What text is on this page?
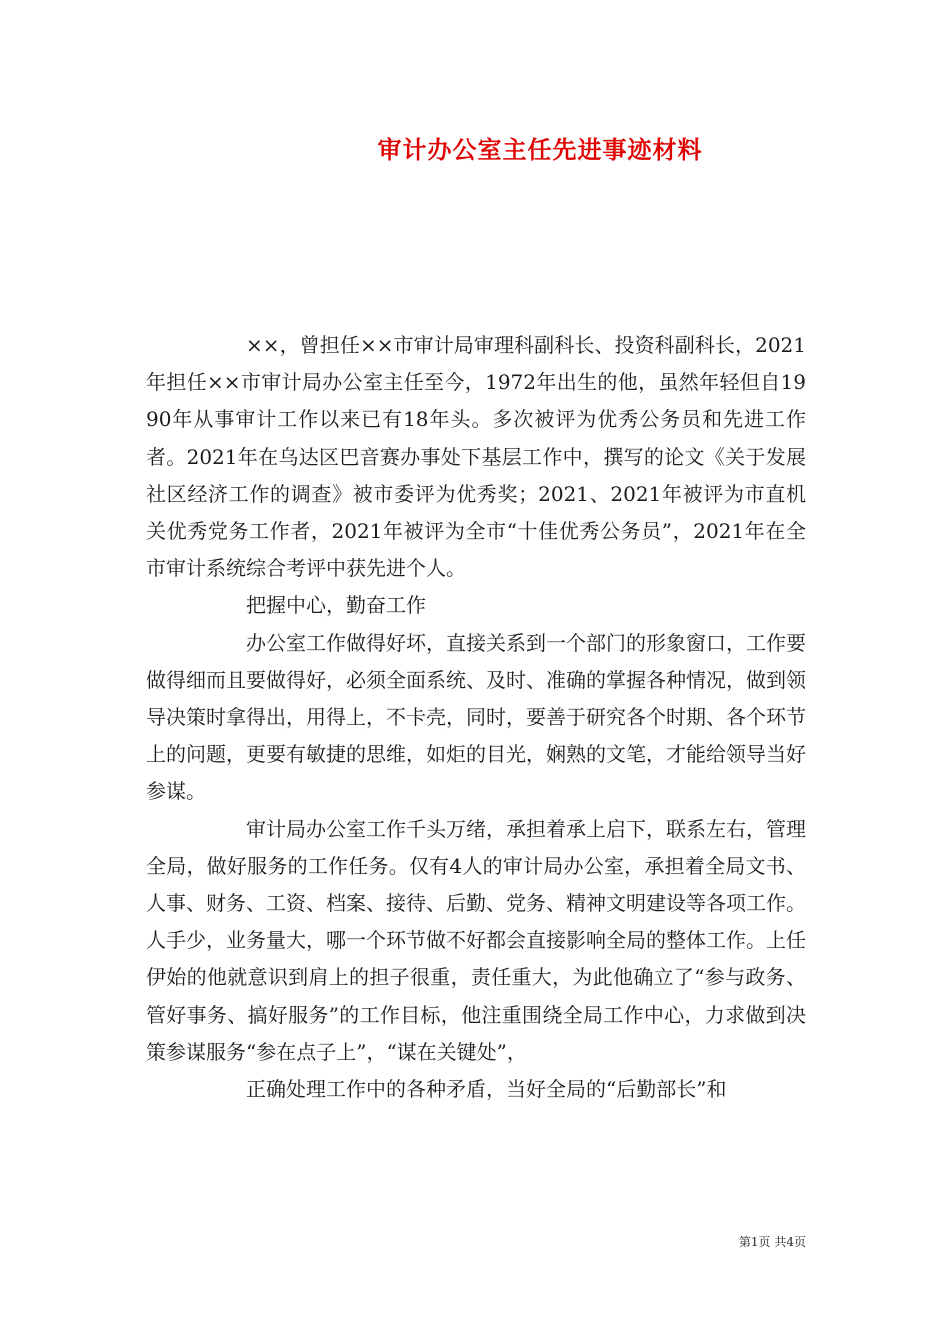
审计办公室主任先进事迹材料

××，曾担任××市审计局审理科副科长、投资科副科长，2021年担任××市审计局办公室主任至今，1972年出生的他，虽然年轻但自1990年从事审计工作以来已有18年头。多次被评为优秀公务员和先进工作者。2021年在乌达区巴音赛办事处下基层工作中，撰写的论文《关于发展社区经济工作的调查》被市委评为优秀奖；2021、2021年被评为市直机关优秀党务工作者，2021年被评为全市“十佳优秀公务员”，2021年在全市审计系统综合考评中获先进个人。

把握中心，勤奋工作

办公室工作做得好坏，直接关系到一个部门的形象窗口，工作要做得细而且要做得好，必须全面系统、及时、准确的掌握各种情况，做到领导决策时拿得出，用得上，不卡壳，同时，要善于研究各个时期、各个环节上的问题，更要有敏捷的思维，如炬的目光，娴熟的文笔，才能给领导当好参谋。

审计局办公室工作千头万绪，承担着承上启下，联系左右，管理全局，做好服务的工作任务。仅有4人的审计局办公室，承担着全局文书、人事、财务、工资、档案、接待、后勤、党务、精神文明建设等各项工作。人手少，业务量大，哪一个环节做不好都会直接影响全局的整体工作。上任伊始的他就意识到肩上的担子很重，责任重大，为此他确立了“参与政务、管好事务、搞好服务”的工作目标，他注重围绕全局工作中心，力求做到决策参谋服务“参在点子上”，“谋在关键处”，

正确处理工作中的各种矛盾，当好全局的“后勤部长”和

第1页 共4页
